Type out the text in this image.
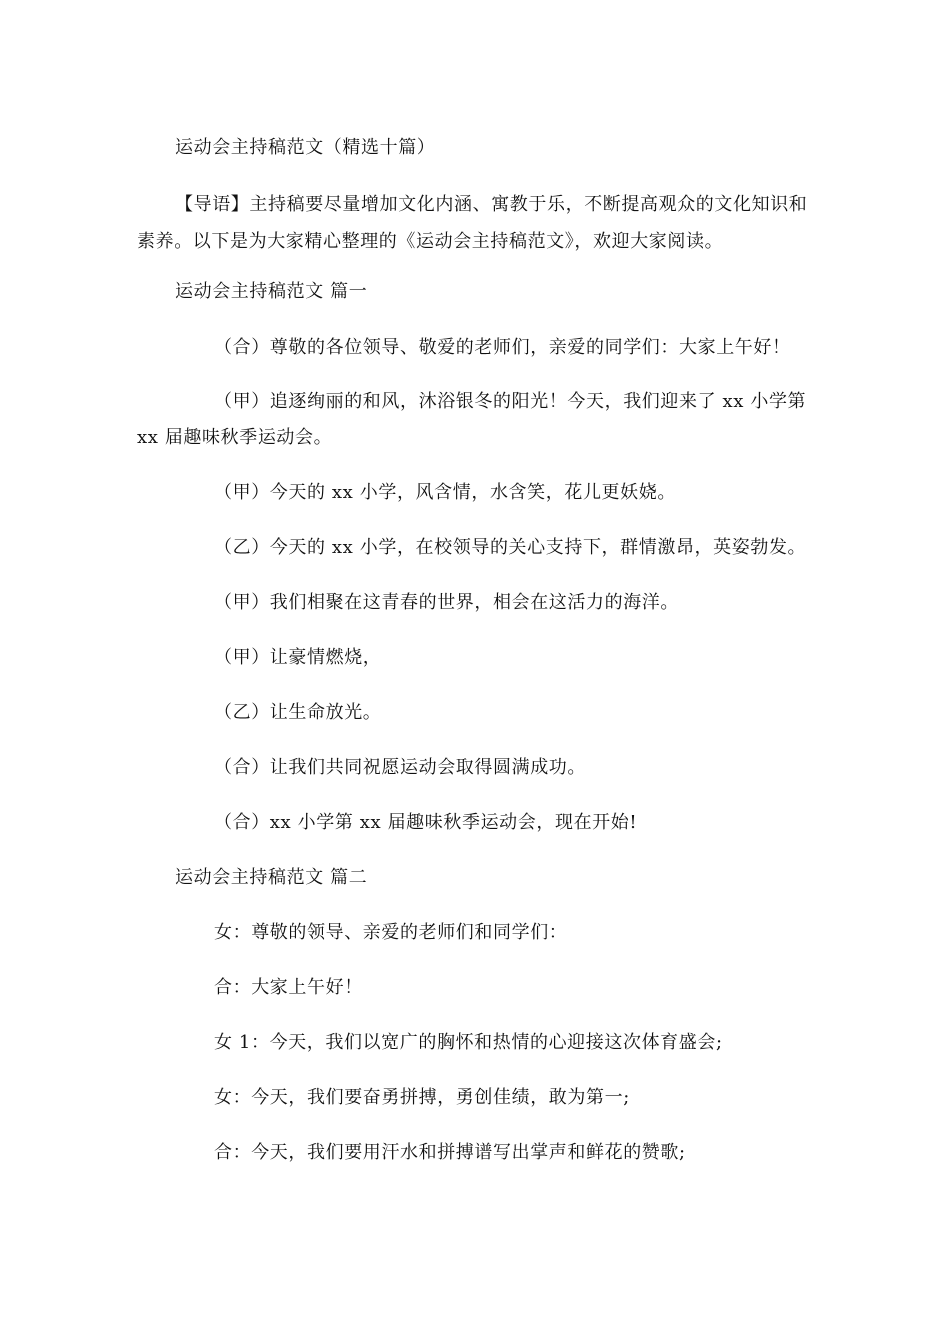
运动会主持稿范文（精选十篇）
【导语】主持稿要尽量增加文化内涵、寓教于乐，不断提高观众的文化知识和素养。以下是为大家精心整理的《运动会主持稿范文》，欢迎大家阅读。
运动会主持稿范文 篇一
（合）尊敬的各位领导、敬爱的老师们，亲爱的同学们：大家上午好！
（甲）追逐绚丽的和风，沐浴银冬的阳光！今天，我们迎来了 xx 小学第
xx 届趣味秋季运动会。
（甲）今天的 xx 小学，风含情，水含笑，花儿更妖娆。
（乙）今天的 xx 小学，在校领导的关心支持下，群情激昂，英姿勃发。
（甲）我们相聚在这青春的世界，相会在这活力的海洋。
（甲）让豪情燃烧，
（乙）让生命放光。
（合）让我们共同祝愿运动会取得圆满成功。
（合）xx 小学第 xx 届趣味秋季运动会，现在开始!
运动会主持稿范文 篇二
女：尊敬的领导、亲爱的老师们和同学们：
合：大家上午好！
女 1：今天，我们以宽广的胸怀和热情的心迎接这次体育盛会;
女：今天，我们要奋勇拼搏，勇创佳绩，敢为第一;
合：今天，我们要用汗水和拼搏谱写出掌声和鲜花的赞歌;
